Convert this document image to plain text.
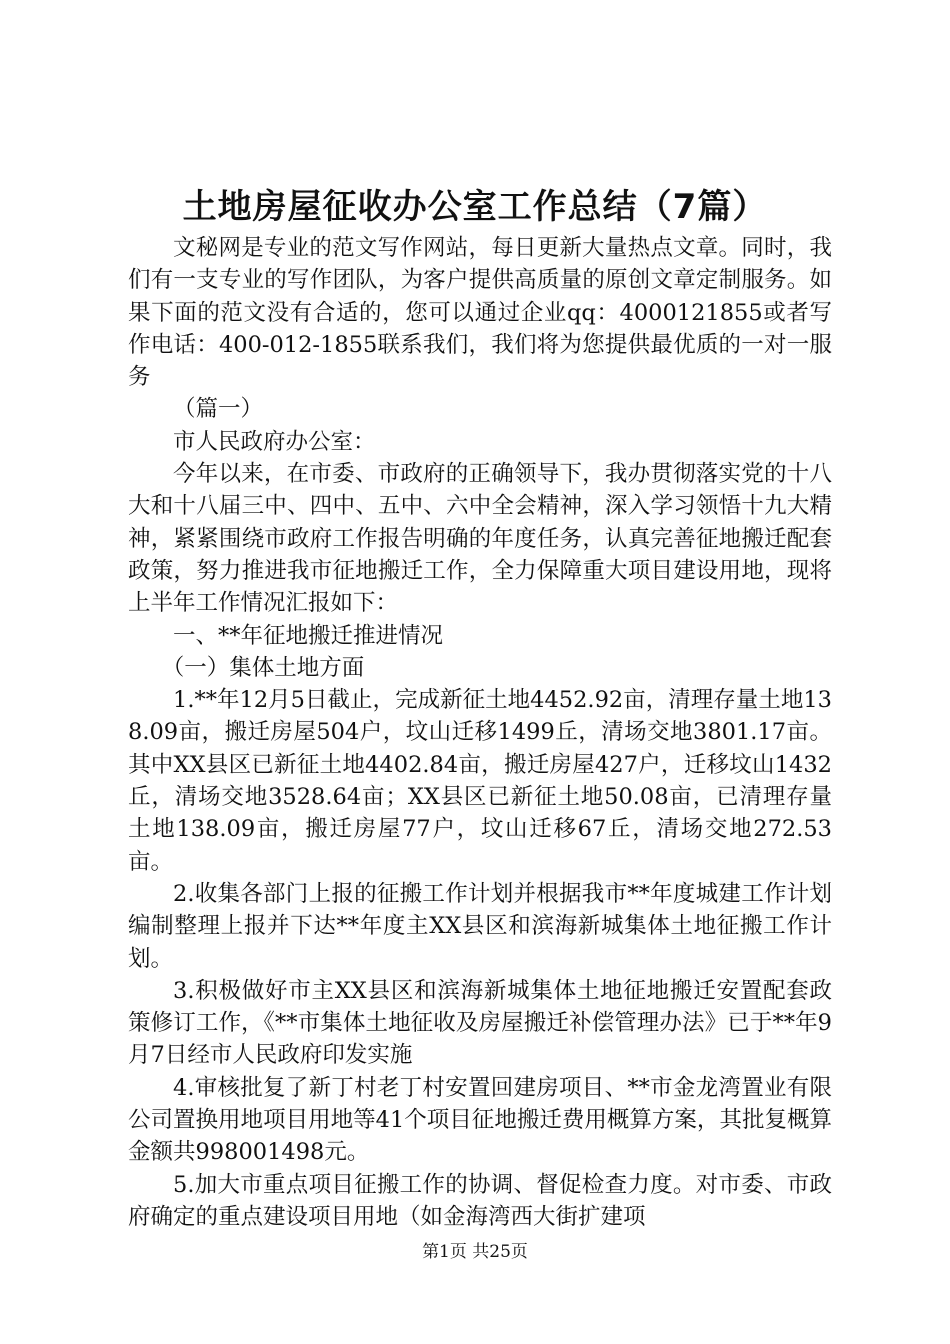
土地房屋征收办公室工作总结（7篇）

文秘网是专业的范文写作网站，每日更新大量热点文章。同时，我们有一支专业的写作团队，为客户提供高质量的原创文章定制服务。如果下面的范文没有合适的，您可以通过企业qq：4000121855或者写作电话：400-012-1855联系我们，我们将为您提供最优质的一对一服务

（篇一）

市人民政府办公室：

今年以来，在市委、市政府的正确领导下，我办贯彻落实党的十八大和十八届三中、四中、五中、六中全会精神，深入学习领悟十九大精神，紧紧围绕市政府工作报告明确的年度任务，认真完善征地搬迁配套政策，努力推进我市征地搬迁工作，全力保障重大项目建设用地，现将上半年工作情况汇报如下：

一、**年征地搬迁推进情况

（一）集体土地方面

1.**年12月5日截止，完成新征土地4452.92亩，清理存量土地138.09亩，搬迁房屋504户，坟山迁移1499丘，清场交地3801.17亩。其中XX县区已新征土地4402.84亩，搬迁房屋427户，迁移坟山1432丘，清场交地3528.64亩；XX县区已新征土地50.08亩，已清理存量土地138.09亩，搬迁房屋77户，坟山迁移67丘，清场交地272.53亩。

2.收集各部门上报的征搬工作计划并根据我市**年度城建工作计划编制整理上报并下达**年度主XX县区和滨海新城集体土地征搬工作计划。

3.积极做好市主XX县区和滨海新城集体土地征地搬迁安置配套政策修订工作，《**市集体土地征收及房屋搬迁补偿管理办法》已于**年9月7日经市人民政府印发实施

4.审核批复了新丁村老丁村安置回建房项目、**市金龙湾置业有限公司置换用地项目用地等41个项目征地搬迁费用概算方案，其批复概算金额共998001498元。

5.加大市重点项目征搬工作的协调、督促检查力度。对市委、市政府确定的重点建设项目用地（如金海湾西大街扩建项

第1页 共25页
